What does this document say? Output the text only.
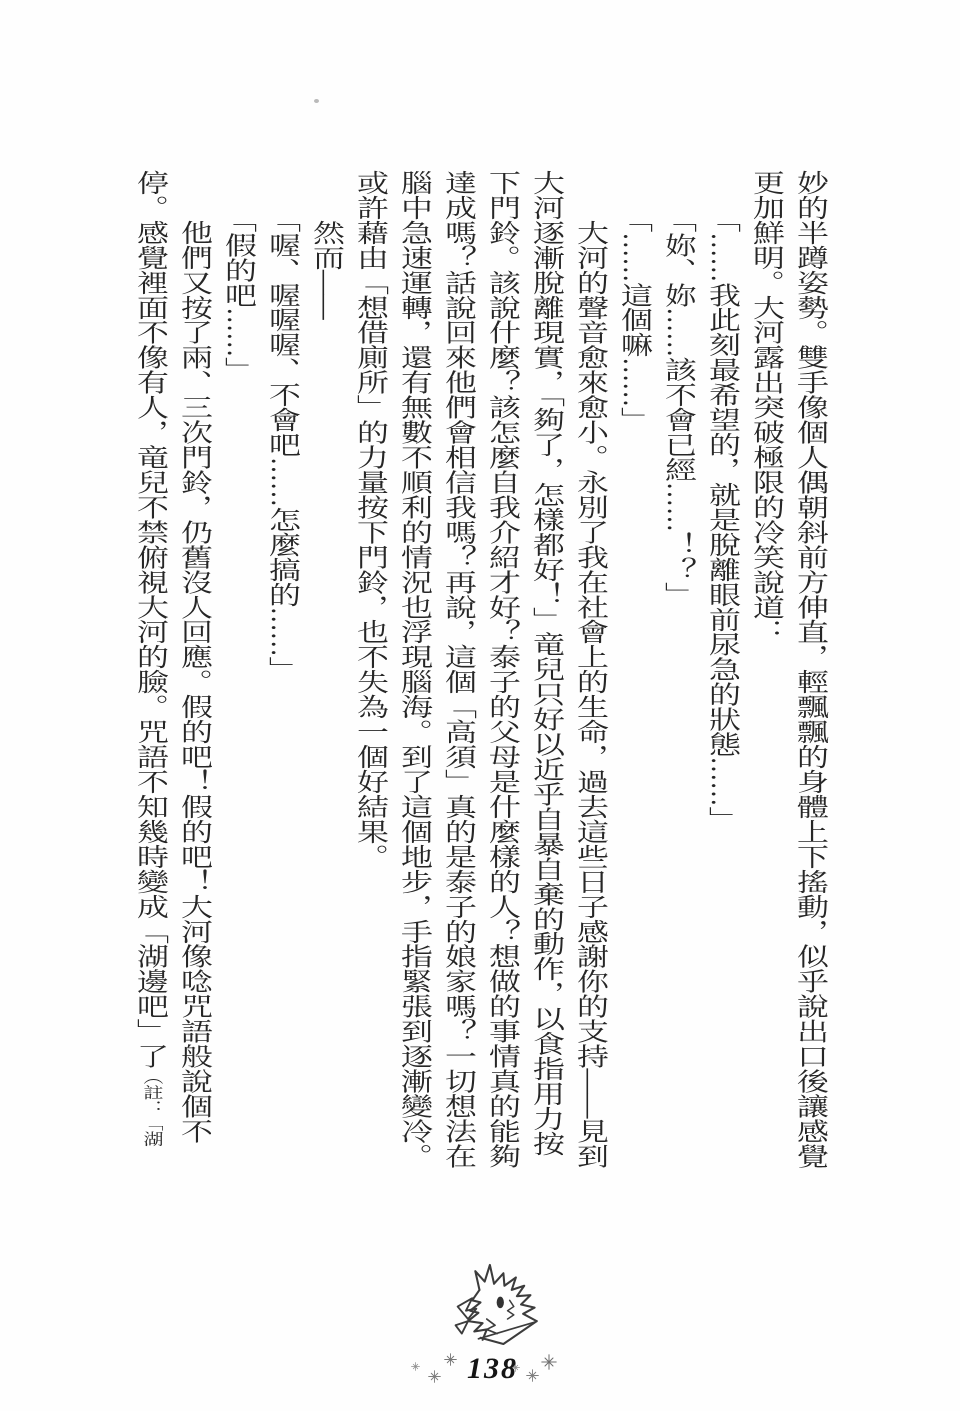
妙的半蹲姿勢。雙手像個人偶朝斜前方伸直，輕飄飄的身體上下搖動，似乎說出口後讓感覺
更加鮮明。大河露出突破極限的冷笑說道：
　　「……我此刻最希望的，就是脫離眼前尿急的狀態……」
　　「妳、妳……該不會已經……！？」
　　「……這個嘛……」
　　大河的聲音愈來愈小。永別了我在社會上的生命，過去這些日子感謝你的支持——見到
大河逐漸脫離現實，「夠了，怎樣都好！」竜兒只好以近乎自暴自棄的動作，以食指用力按
下門鈴。該說什麼？該怎麼自我介紹才好？泰子的父母是什麼樣的人？想做的事情真的能夠
達成嗎？話說回來他們會相信我嗎？再說，這個「高須」真的是泰子的娘家嗎？一切想法在
腦中急速運轉，還有無數不順利的情況也浮現腦海。到了這個地步，手指緊張到逐漸變冷。
或許藉由「想借廁所」的力量按下門鈴，也不失為一個好結果。
　　然而——
　　「喔、喔喔喔、不會吧……怎麼搞的……」
　　「假的吧……」
　　他們又按了兩、三次門鈴，仍舊沒人回應。假的吧！假的吧！大河像唸咒語般說個不
停。感覺裡面不像有人，竜兒不禁俯視大河的臉。咒語不知幾時變成「湖邊吧」了（註：「湖
138
